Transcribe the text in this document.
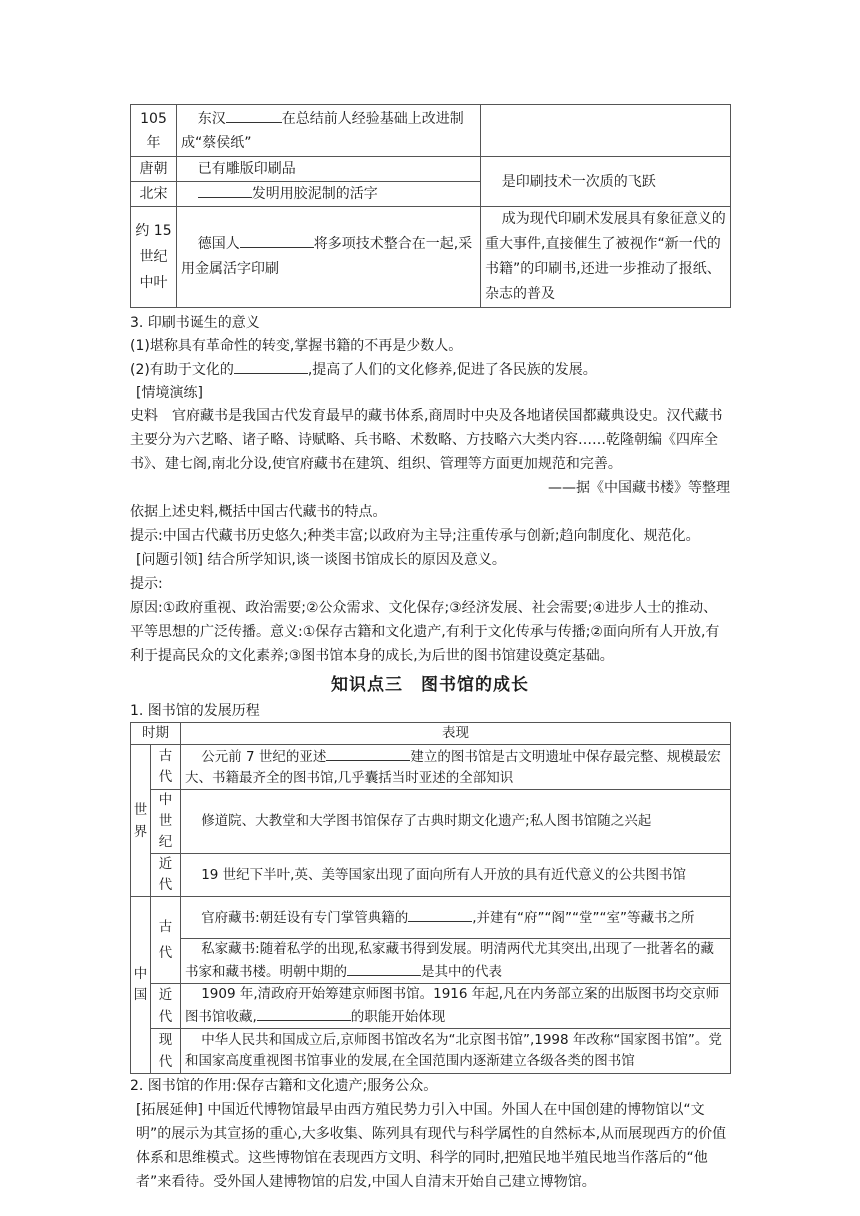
105 年	东汉 在总结前人经验基础上改进制成“蔡侯纸”	
唐朝	已有雕版印刷品	是印刷技术一次质的飞跃
北宋	发明用胶泥制的活字	
约 15 世纪中叶	德国人 将多项技术整合在一起,采用金属活字印刷	成为现代印刷术发展具有象征意义的重大事件,直接催生了被视作“新一代的书籍”的印刷书,还进一步推动了报纸、杂志的普及

3. 印刷书诞生的意义

(1)堪称具有革命性的转变,掌握书籍的不再是少数人。

(2)有助于文化的	,提高了人们的文化修养,促进了各民族的发展。

[情境演练]

史料 官府藏书是我国古代发育最早的藏书体系,商周时中央及各地诸侯国都藏典设史。汉代藏书主要分为六艺略、诸子略、诗赋略、兵书略、术数略、方技略六大类内容……乾隆朝编《四库全书》、建七阁,南北分设,使官府藏书在建筑、组织、管理等方面更加规范和完善。

——据《中国藏书楼》等整理

依据上述史料,概括中国古代藏书的特点。

提示:中国古代藏书历史悠久;种类丰富;以政府为主导;注重传承与创新;趋向制度化、规范化。

[问题引领] 结合所学知识,谈一谈图书馆成长的原因及意义。

提示:

原因:①政府重视、政治需要;②公众需求、文化保存;③经济发展、社会需要;④进步人士的推动、平等思想的广泛传播。意义:①保存古籍和文化遗产,有利于文化传承与传播;②面向所有人开放,有利于提高民众的文化素养;③图书馆本身的成长,为后世的图书馆建设奠定基础。

知识点三　图书馆的成长

1. 图书馆的发展历程

时期		表现
世界	古代	公元前 7 世纪的亚述 建立的图书馆是古文明遗址中保存最完整、规模最宏大、书籍最齐全的图书馆,几乎囊括当时亚述的全部知识
	中世纪	修道院、大教堂和大学图书馆保存了古典时期文化遗产;私人图书馆随之兴起
	近代	19 世纪下半叶,英、美等国家出现了面向所有人开放的具有近代意义的公共图书馆
中国	古代	官府藏书:朝廷设有专门掌管典籍的 ,并建有“府”“阁”“堂”“室”等藏书之所
		私家藏书:随着私学的出现,私家藏书得到发展。明清两代尤其突出,出现了一批著名的藏书家和藏书楼。明朝中期的 是其中的代表
	近代	1909 年,清政府开始筹建京师图书馆。1916 年起,凡在内务部立案的出版图书均交京师图书馆收藏, 的职能开始体现
	现代	中华人民共和国成立后,京师图书馆改名为“北京图书馆”,1998 年改称“国家图书馆”。党和国家高度重视图书馆事业的发展,在全国范围内逐渐建立各级各类的图书馆

2. 图书馆的作用:保存古籍和文化遗产;服务公众。

[拓展延伸] 中国近代博物馆最早由西方殖民势力引入中国。外国人在中国创建的博物馆以“文明”的展示为其宣扬的重心,大多收集、陈列具有现代与科学属性的自然标本,从而展现西方的价值体系和思维模式。这些博物馆在表现西方文明、科学的同时,把殖民地半殖民地当作落后的“他者”来看待。受外国人建博物馆的启发,中国人自清末开始自己建立博物馆。
